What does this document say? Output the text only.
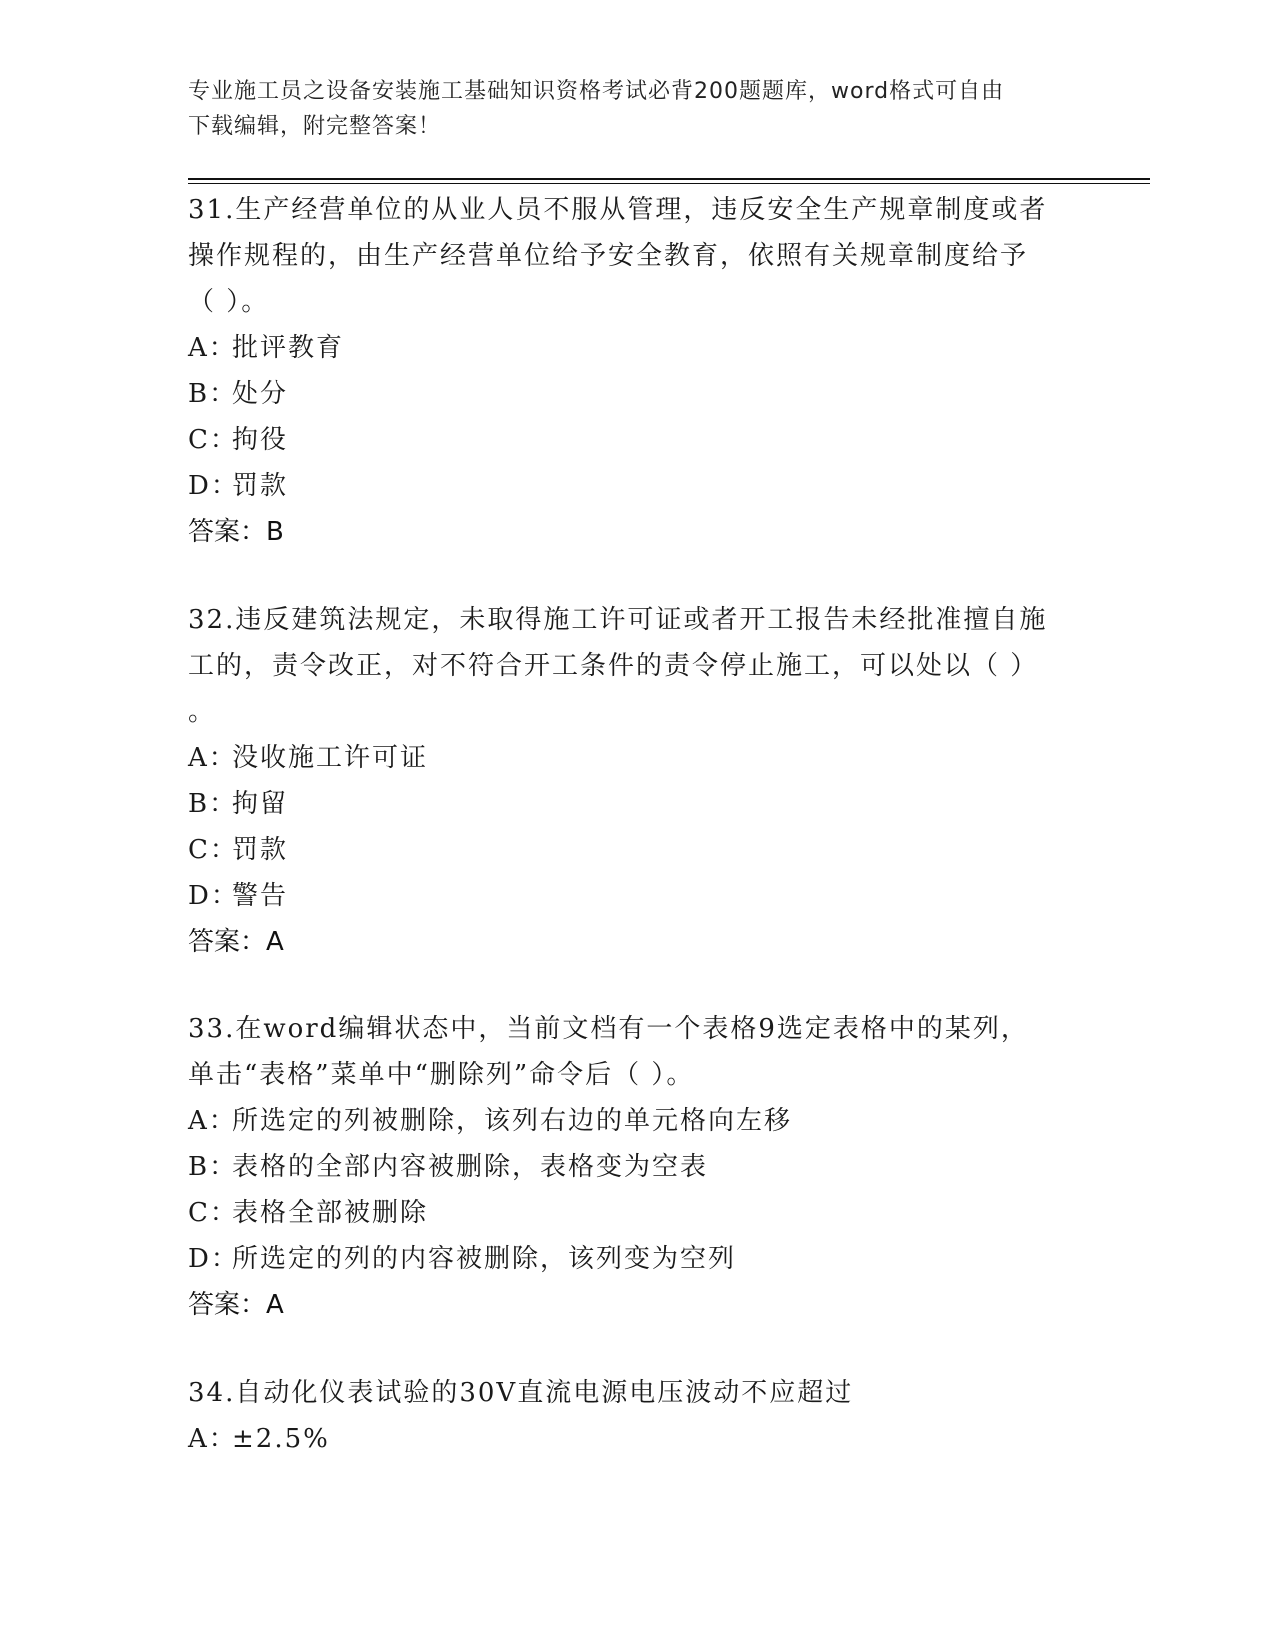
专业施工员之设备安装施工基础知识资格考试必背200题题库，word格式可自由
下载编辑，附完整答案！

31.生产经营单位的从业人员不服从管理，违反安全生产规章制度或者

操作规程的，由生产经营单位给予安全教育，依照有关规章制度给予

（ ）。

A：批评教育
B：处分
C：拘役
D：罚款

答案：B

32.违反建筑法规定，未取得施工许可证或者开工报告未经批准擅自施

工的，责令改正，对不符合开工条件的责令停止施工，可以处以（ ）

。

A：没收施工许可证
B：拘留
C：罚款
D：警告

答案：A

33.在word编辑状态中，当前文档有一个表格9选定表格中的某列，

单击“表格”菜单中“删除列”命令后（ ）。

A：所选定的列被删除，该列右边的单元格向左移
B：表格的全部内容被删除，表格变为空表
C：表格全部被删除
D：所选定的列的内容被删除，该列变为空列

答案：A

34.自动化仪表试验的30V直流电源电压波动不应超过

A：±2.5%
